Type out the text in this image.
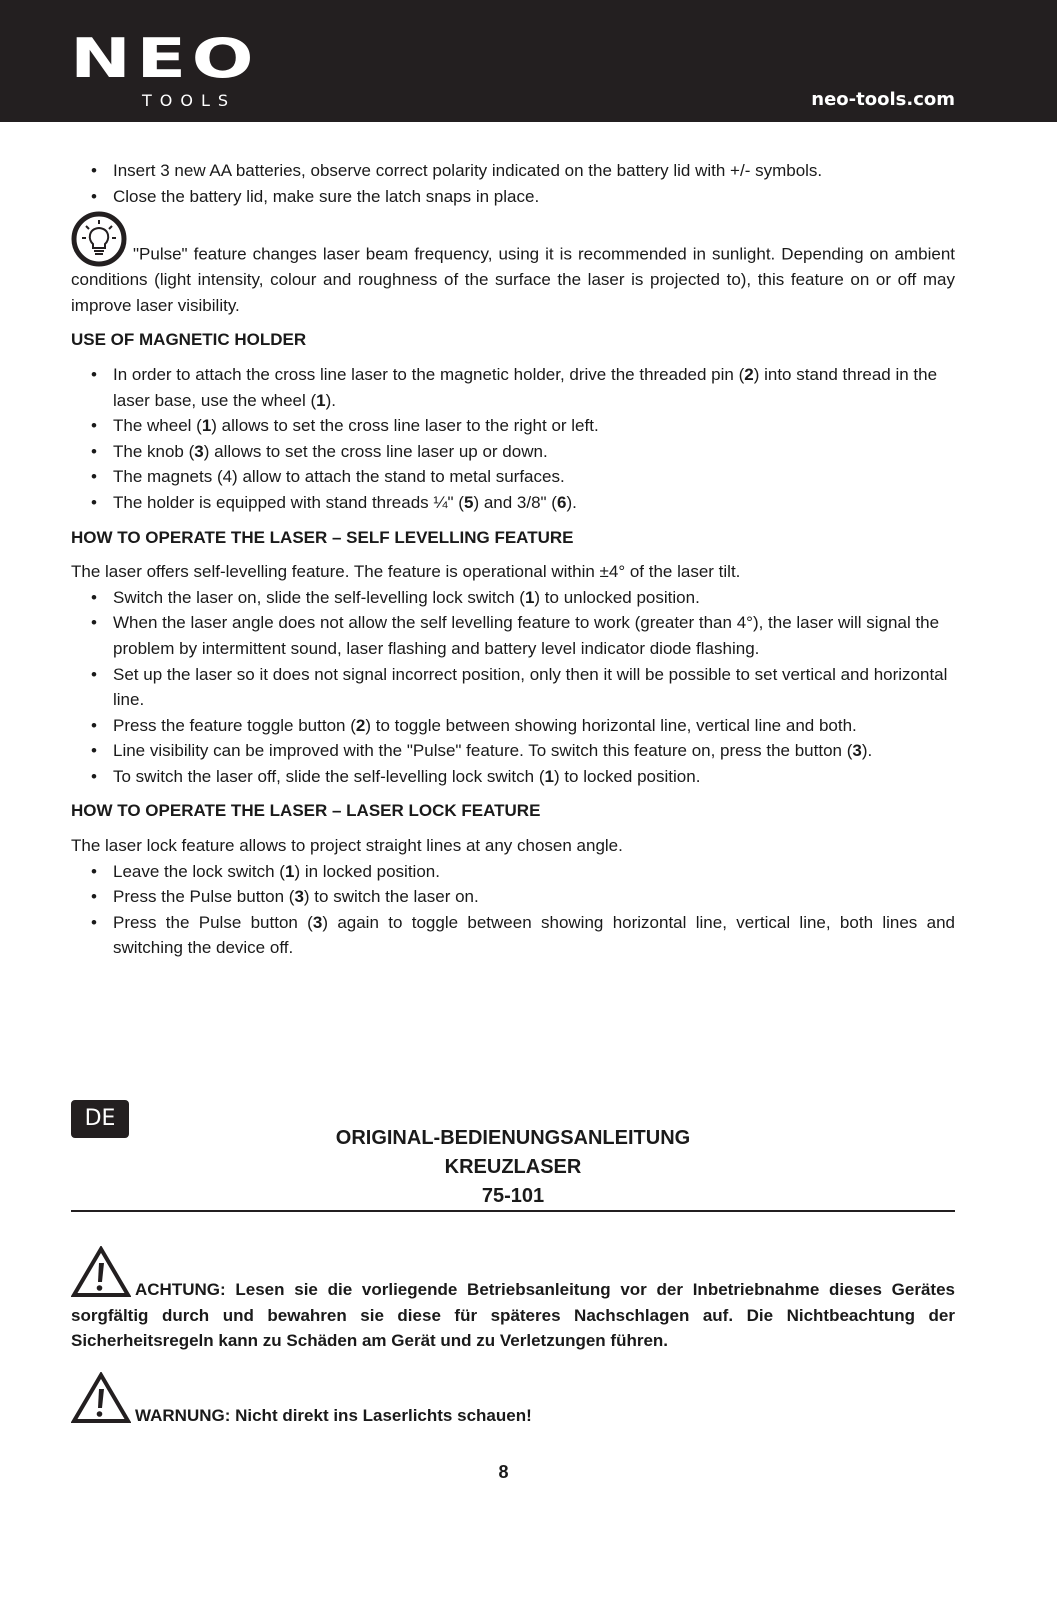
NEO
TOOLS	neo-tools.com
• Insert 3 new AA batteries, observe correct polarity indicated on the battery lid with +/- symbols.
• Close the battery lid, make sure the latch snaps in place.
"Pulse" feature changes laser beam frequency, using it is recommended in sunlight. Depending on ambient conditions (light intensity, colour and roughness of the surface the laser is projected to), this feature on or off may improve laser visibility.
USE OF MAGNETIC HOLDER
• In order to attach the cross line laser to the magnetic holder, drive the threaded pin (2) into stand thread in the laser base, use the wheel (1).
• The wheel (1) allows to set the cross line laser to the right or left.
• The knob (3) allows to set the cross line laser up or down.
• The magnets (4) allow to attach the stand to metal surfaces.
• The holder is equipped with stand threads ¼" (5) and 3/8" (6).
HOW TO OPERATE THE LASER – SELF LEVELLING FEATURE
The laser offers self-levelling feature. The feature is operational within ±4° of the laser tilt.
• Switch the laser on, slide the self-levelling lock switch (1) to unlocked position.
• When the laser angle does not allow the self levelling feature to work (greater than 4°), the laser will signal the problem by intermittent sound, laser flashing and battery level indicator diode flashing.
• Set up the laser so it does not signal incorrect position, only then it will be possible to set vertical and horizontal line.
• Press the feature toggle button (2) to toggle between showing horizontal line, vertical line and both.
• Line visibility can be improved with the "Pulse" feature. To switch this feature on, press the button (3).
• To switch the laser off, slide the self-levelling lock switch (1) to locked position.
HOW TO OPERATE THE LASER – LASER LOCK FEATURE
The laser lock feature allows to project straight lines at any chosen angle.
• Leave the lock switch (1) in locked position.
• Press the Pulse button (3) to switch the laser on.
• Press the Pulse button (3) again to toggle between showing horizontal line, vertical line, both lines and switching the device off.
DE
ORIGINAL-BEDIENUNGSANLEITUNG
KREUZLASER
75-101
ACHTUNG: Lesen sie die vorliegende Betriebsanleitung vor der Inbetriebnahme dieses Gerätes sorgfältig durch und bewahren sie diese für späteres Nachschlagen auf. Die Nichtbeachtung der Sicherheitsregeln kann zu Schäden am Gerät und zu Verletzungen führen.
WARNUNG: Nicht direkt ins Laserlichts schauen!
8
